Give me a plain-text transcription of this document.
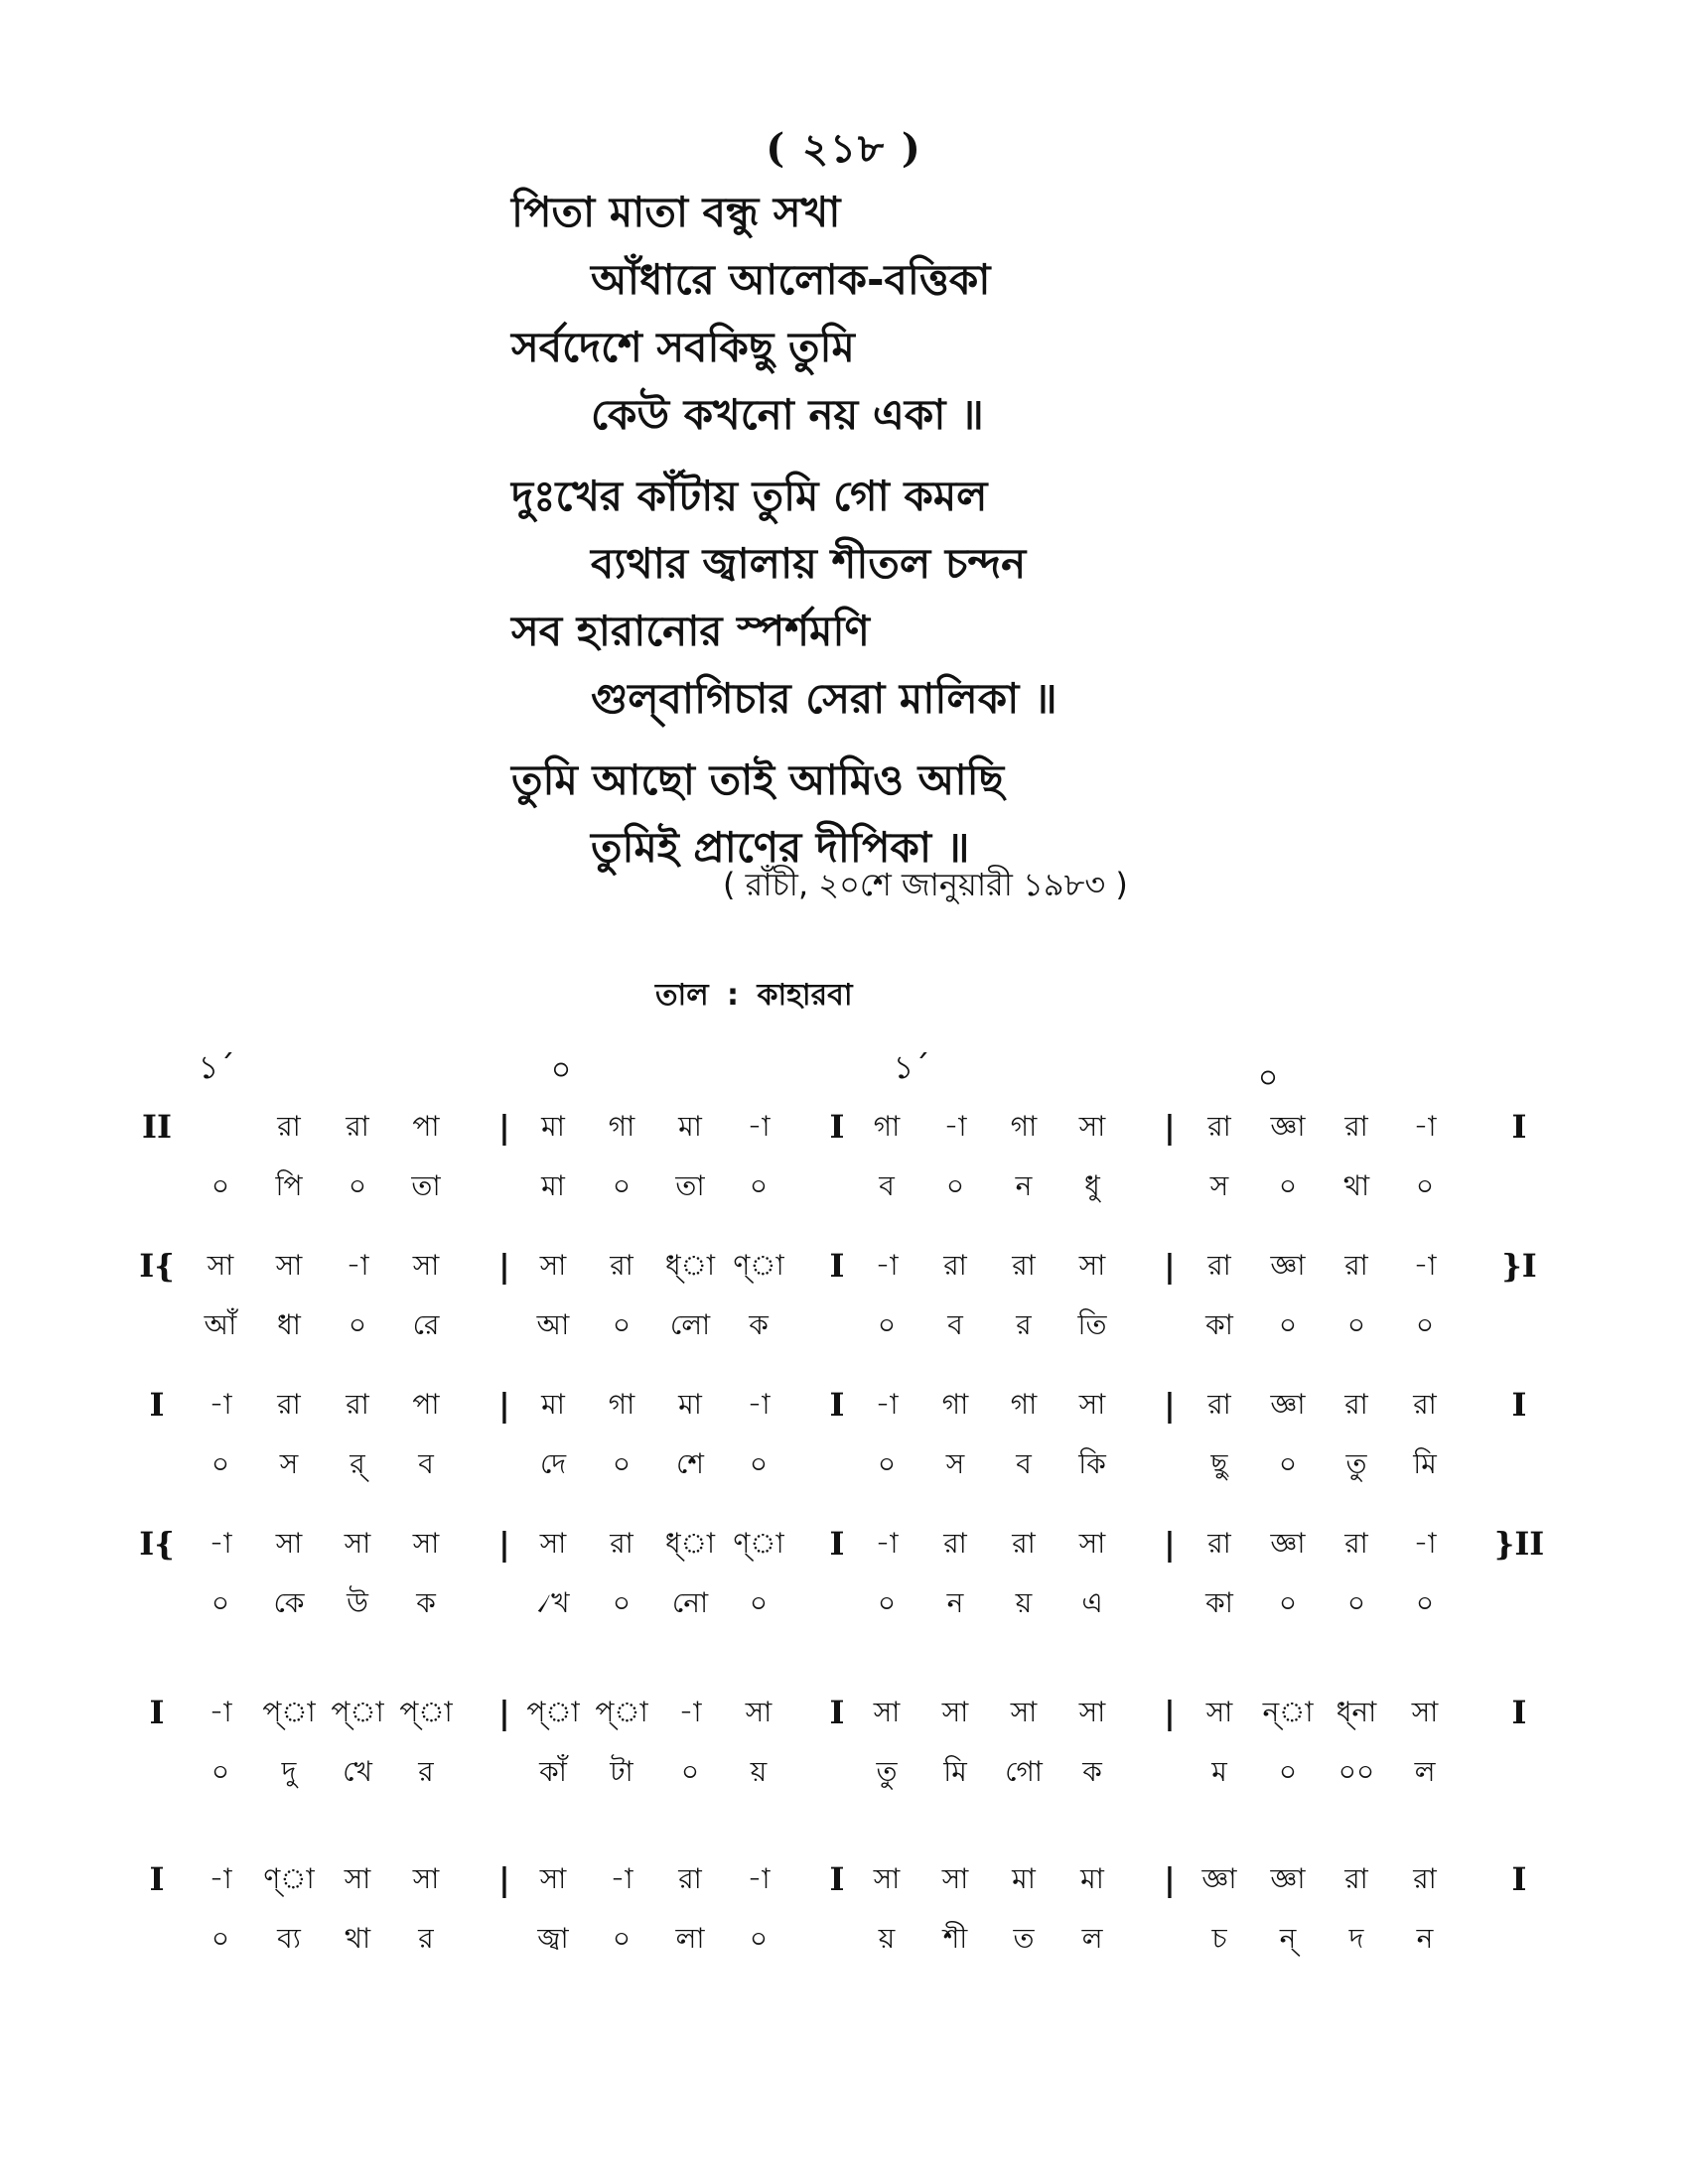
( ২১৮ )
পিতা মাতা বন্ধু সখা
আঁধারে আলোক-বত্তিকা
সর্বদেশে সবকিছু তুমি
কেউ কখনো নয় একা ॥
দুঃখের কাঁটায় তুমি গো কমল
ব্যথার জ্বালায় শীতল চন্দন
সব হারানোর স্পর্শমণি
গুল্‌বাগিচার সেরা মালিকা ॥
তুমি আছো তাই আমিও আছি
তুমিই প্রাণের দীপিকা ॥
( রাঁচী, ২০শে জানুয়ারী ১৯৮৩ )
তাল : কাহারবা
১´	০	১´	০
II	I
|	I	|
রা রা পা	মা গা মা -া	গা -া গা সা	রা জ্ঞা রা -া
০ পি ০ তা	মা ০ তা ০	ব ০ ন ধু	স ০ থা ০
I{	}I
|	I	|
সা সা -া সা	সা রা ধ্‌া ণ্‌া	-া রা রা সা	রা জ্ঞা রা -া
আঁ ধা ০ রে	আ ০ লো ক	০ ব র তি	কা ০ ০ ০
I	I
|	I	|
-া রা রা পা	মা গা মা -া	-া গা গা সা	রা জ্ঞা রা রা
০ স র্ ব	দে ০ শে ০	০ স ব কি	ছু ০ তু মি
I{	}II
|	I	|
-া সা সা সা	সা রা ধ্‌া ণ্‌া	-া রা রা সা	রা জ্ঞা রা -া
০ কে উ ক	৴খ ০ নো ০	০ ন য় এ	কা ০ ০ ০
I	I
|	I	|
-া প্‌া প্‌া প্‌া	প্‌া প্‌া -া সা	সা সা সা সা	সা ন্‌া ধ্‌না সা
০ দু খে র	কাঁ টা ০ য়	তু মি গো ক	ম ০ ০০ ল
I	I
|	I	|
-া ণ্‌া সা সা	সা -া রা -া	সা সা মা মা	জ্ঞা জ্ঞা রা রা
০ ব্য থা র	জ্বা ০ লা ০	য় শী ত ল	চ ন্ দ ন
